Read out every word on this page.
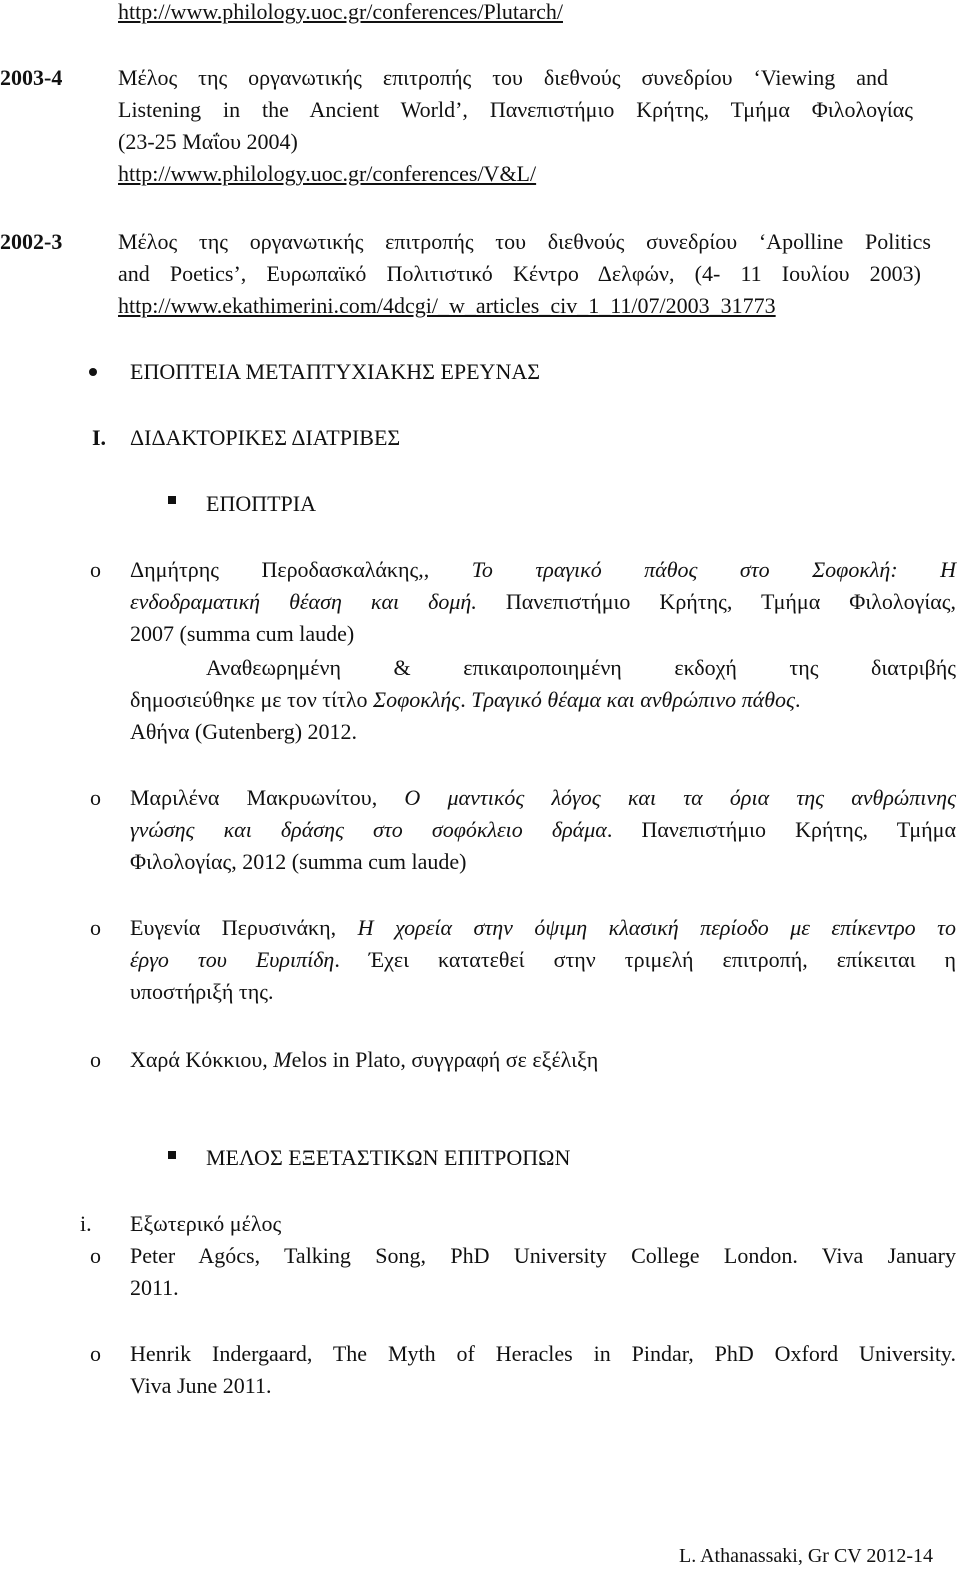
http://www.philology.uoc.gr/conferences/Plutarch/
2003-4	Μέλος της οργανωτικής επιτροπής του διεθνούς συνεδρίου ‘Viewing and
Listening in the Ancient World’, Πανεπιστήμιο Κρήτης, Τμήμα Φιλολογίας
(23-25 Μαΐου 2004)
http://www.philology.uoc.gr/conferences/V&L/
2002-3	Μέλος της οργανωτικής επιτροπής του διεθνούς συνεδρίου ‘Apolline Politics
and Poetics’, Ευρωπαϊκό Πολιτιστικό Κέντρο Δελφών, (4- 11 Ιουλίου 2003)
http://www.ekathimerini.com/4dcgi/_w_articles_civ_1_11/07/2003_31773
ΕΠΟΠΤΕΙΑ ΜΕΤΑΠΤΥΧΙΑΚΗΣ ΕΡΕΥΝΑΣ
I. ΔΙΔΑΚΤΟΡΙΚΕΣ ΔΙΑΤΡΙΒΕΣ
ΕΠΟΠΤΡΙΑ
o Δημήτρης Περοδασκαλάκης,, Το τραγικό πάθος στο Σοφοκλή: Η
ενδοδραματική θέαση και δομή. Πανεπιστήμιο Κρήτης, Τμήμα Φιλολογίας,
2007 (summa cum laude)
Αναθεωρημένη & επικαιροποιημένη εκδοχή της διατριβής
δημοσιεύθηκε με τον τίτλο Σοφοκλής. Τραγικό θέαμα και ανθρώπινο πάθος.
Αθήνα (Gutenberg) 2012.
o Μαριλένα Μακρυωνίτου, Ο μαντικός λόγος και τα όρια της ανθρώπινης
γνώσης και δράσης στο σοφόκλειο δράμα. Πανεπιστήμιο Κρήτης, Τμήμα
Φιλολογίας, 2012 (summa cum laude)
o Ευγενία Περυσινάκη, Η χορεία στην όψιμη κλασική περίοδο με επίκεντρο το
έργο του Ευριπίδη. Έχει κατατεθεί στην τριμελή επιτροπή, επίκειται η
υποστήριξή της.
o Χαρά Κόκκιου, Melos in Plato, συγγραφή σε εξέλιξη
ΜΕΛΟΣ ΕΞΕΤΑΣΤΙΚΩΝ ΕΠΙΤΡΟΠΩΝ
i. Εξωτερικό μέλος
o Peter Agócs, Talking Song, PhD University College London. Viva January
2011.
o Henrik Indergaard, The Myth of Heracles in Pindar, PhD Oxford University.
Viva June 2011.
L. Athanassaki, Gr CV 2012-14
